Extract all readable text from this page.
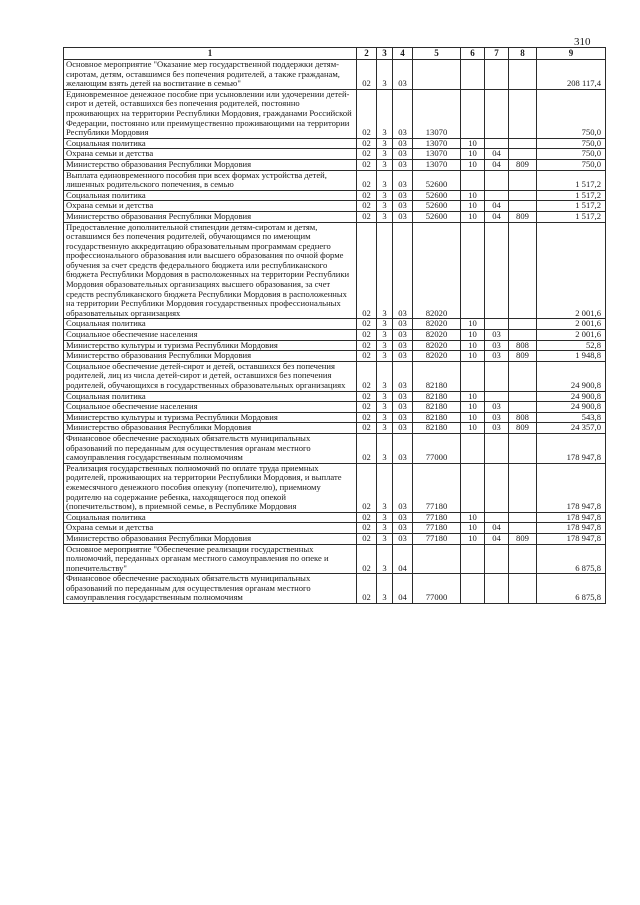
310
1	2	3	4	5	6	7	8	9
Основное мероприятие "Оказание мер государственной поддержки детям-сиротам, детям, оставшимся без попечения родителей, а также гражданам, желающим взять детей на воспитание в семью"	02	3	03					208 117,4
Единовременное денежное пособие при усыновлении или удочерении детей-сирот и детей, оставшихся без попечения родителей, постоянно проживающих на территории Республики Мордовия, гражданами Российской Федерации, постоянно или преимущественно проживающими на территории Республики Мордовия	02	3	03	13070				750,0
Социальная политика	02	3	03	13070	10			750,0
Охрана семьи и детства	02	3	03	13070	10	04		750,0
Министерство образования Республики Мордовия	02	3	03	13070	10	04	809	750,0
Выплата единовременного пособия при всех формах устройства детей, лишенных родительского попечения, в семью	02	3	03	52600				1 517,2
Социальная политика	02	3	03	52600	10			1 517,2
Охрана семьи и детства	02	3	03	52600	10	04		1 517,2
Министерство образования Республики Мордовия	02	3	03	52600	10	04	809	1 517,2
Предоставление дополнительной стипендии детям-сиротам и детям, оставшимся без попечения родителей, обучающимся по имеющим государственную аккредитацию образовательным программам среднего профессионального образования или высшего образования по очной форме обучения за счет средств федерального бюджета или республиканского бюджета Республики Мордовия в расположенных на территории Республики Мордовия образовательных организациях высшего образования, за счет средств республиканского бюджета Республики Мордовия в расположенных на территории Республики Мордовия государственных профессиональных образовательных организациях	02	3	03	82020				2 001,6
Социальная политика	02	3	03	82020	10			2 001,6
Социальное обеспечение населения	02	3	03	82020	10	03		2 001,6
Министерство культуры и туризма Республики Мордовия	02	3	03	82020	10	03	808	52,8
Министерство образования Республики Мордовия	02	3	03	82020	10	03	809	1 948,8
Социальное обеспечение детей-сирот и детей, оставшихся без попечения родителей, лиц из числа детей-сирот и детей, оставшихся без попечения родителей, обучающихся в государственных образовательных организациях	02	3	03	82180				24 900,8
Социальная политика	02	3	03	82180	10			24 900,8
Социальное обеспечение населения	02	3	03	82180	10	03		24 900,8
Министерство культуры и туризма Республики Мордовия	02	3	03	82180	10	03	808	543,8
Министерство образования Республики Мордовия	02	3	03	82180	10	03	809	24 357,0
Финансовое обеспечение расходных обязательств муниципальных образований по переданным для осуществления органам местного самоуправления государственным полномочиям	02	3	03	77000				178 947,8
Реализация государственных полномочий по оплате труда приемных родителей, проживающих на территории Республики Мордовия, и выплате ежемесячного денежного пособия опекуну (попечителю), приемному родителю на содержание ребенка, находящегося под опекой (попечительством), в приемной семье, в Республике Мордовия	02	3	03	77180				178 947,8
Социальная политика	02	3	03	77180	10			178 947,8
Охрана семьи и детства	02	3	03	77180	10	04		178 947,8
Министерство образования Республики Мордовия	02	3	03	77180	10	04	809	178 947,8
Основное мероприятие "Обеспечение реализации государственных полномочий, переданных органам местного самоуправления по опеке и попечительству"	02	3	04					6 875,8
Финансовое обеспечение расходных обязательств муниципальных образований по переданным для осуществления органам местного самоуправления государственным полномочиям	02	3	04	77000				6 875,8
